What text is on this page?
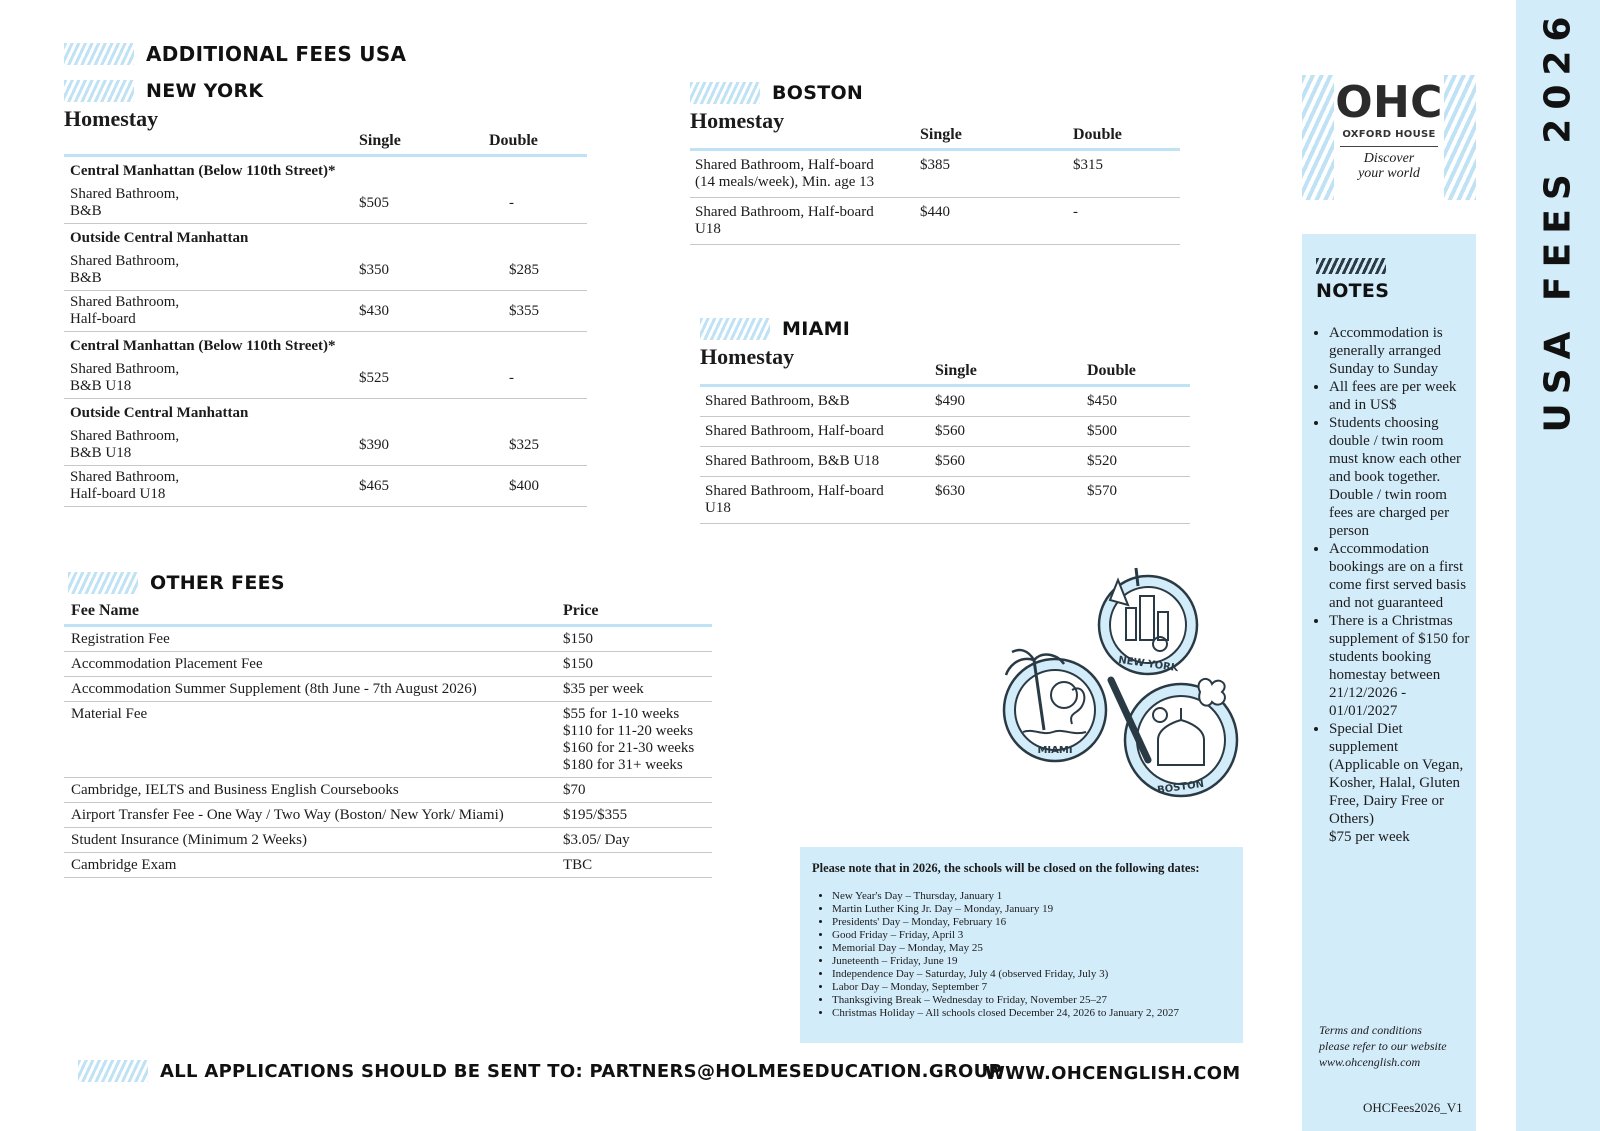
ADDITIONAL FEES USA
NEW YORK
Homestay
	Single	Double
Central Manhattan (Below 110th Street)*		
Shared Bathroom,
B&B	$505	-
Outside Central Manhattan		
Shared Bathroom,
B&B	$350	$285
Shared Bathroom,
Half-board	$430	$355
Central Manhattan (Below 110th Street)*		
Shared Bathroom,
B&B U18	$525	-
Outside Central Manhattan		
Shared Bathroom,
B&B U18	$390	$325
Shared Bathroom,
Half-board U18	$465	$400
BOSTON
Homestay
	Single	Double
Shared Bathroom, Half-board
(14 meals/week), Min. age 13	$385	$315
Shared Bathroom, Half-board
U18	$440	-
MIAMI
Homestay
	Single	Double
Shared Bathroom, B&B	$490	$450
Shared Bathroom, Half-board	$560	$500
Shared Bathroom, B&B U18	$560	$520
Shared Bathroom, Half-board
U18	$630	$570
OTHER FEES
Fee Name	Price
Registration Fee	$150
Accommodation Placement Fee	$150
Accommodation Summer Supplement (8th June - 7th August 2026)	$35 per week
Material Fee	$55 for 1-10 weeks
$110 for 11-20 weeks
$160 for 21-30 weeks
$180 for 31+ weeks
Cambridge, IELTS and Business English Coursebooks	$70
Airport Transfer Fee - One Way / Two Way (Boston/ New York/ Miami)	$195/$355
Student Insurance (Minimum 2 Weeks)	$3.05/ Day
Cambridge Exam	TBC
NEW YORK
MIAMI
BOSTON
Please note that in 2026, the schools will be closed on the following dates:
• New Year's Day – Thursday, January 1
• Martin Luther King Jr. Day – Monday, January 19
• Presidents' Day – Monday, February 16
• Good Friday – Friday, April 3
• Memorial Day – Monday, May 25
• Juneteenth – Friday, June 19
• Independence Day – Saturday, July 4 (observed Friday, July 3)
• Labor Day – Monday, September 7
• Thanksgiving Break – Wednesday to Friday, November 25–27
• Christmas Holiday – All schools closed December 24, 2026 to January 2, 2027
ALL APPLICATIONS SHOULD BE SENT TO: PARTNERS@HOLMESEDUCATION.GROUP
WWW.OHCENGLISH.COM
OHC
OXFORD HOUSE
Discover
your world
NOTES
• Accommodation is generally arranged Sunday to Sunday
• All fees are per week and in US$
• Students choosing double / twin room must know each other and book together. Double / twin room fees are charged per person
• Accommodation bookings are on a first come first served basis and not guaranteed
• There is a Christmas supplement of $150 for students booking homestay between 21/12/2026 - 01/01/2027
• Special Diet supplement (Applicable on Vegan, Kosher, Halal, Gluten Free, Dairy Free or Others)
$75 per week
Terms and conditions
please refer to our website
www.ohcenglish.com
OHCFees2026_V1
USA FEES 2026
